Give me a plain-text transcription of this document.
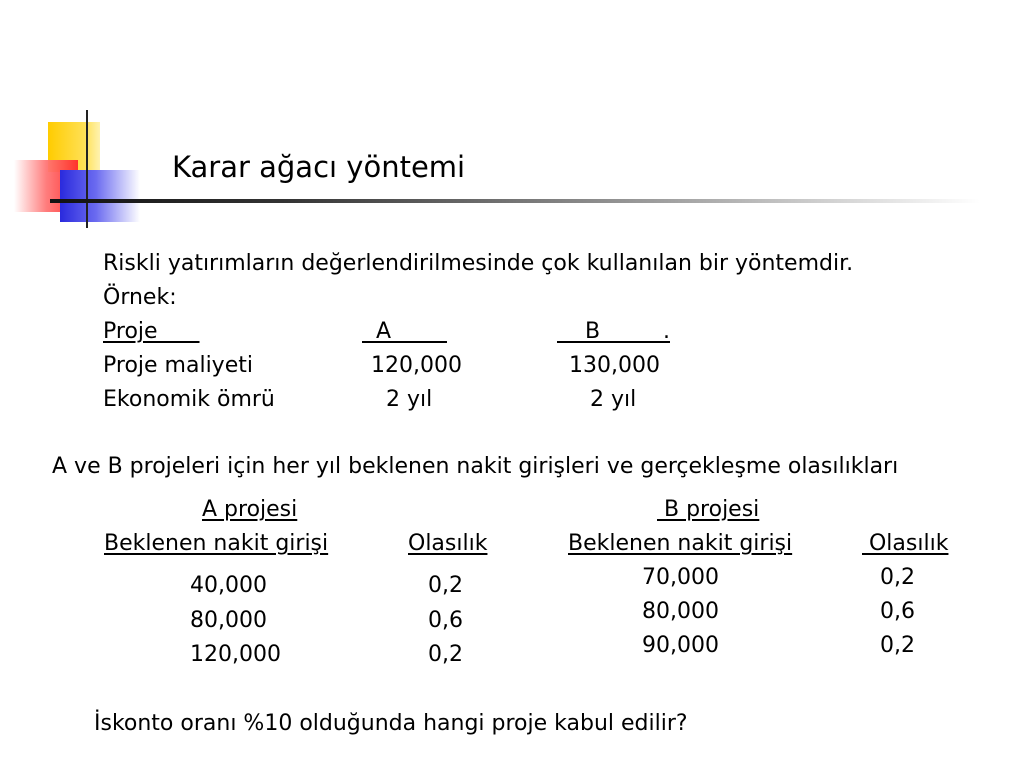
Karar ağacı yöntemi
Riskli yatırımların değerlendirilmesinde çok kullanılan bir yöntemdir.
Örnek:
Proje	A	B         .
Proje maliyeti	120,000	130,000
Ekonomik ömrü	2 yıl	2 yıl
A ve B projeleri için her yıl beklenen nakit girişleri ve gerçekleşme olasılıkları
A projesi
Beklenen nakit girişi	Olasılık
40,000	0,2
80,000	0,6
120,000	0,2
B projesi
Beklenen nakit girişi	Olasılık
70,000	0,2
80,000	0,6
90,000	0,2
İskonto oranı %10 olduğunda hangi proje kabul edilir?
